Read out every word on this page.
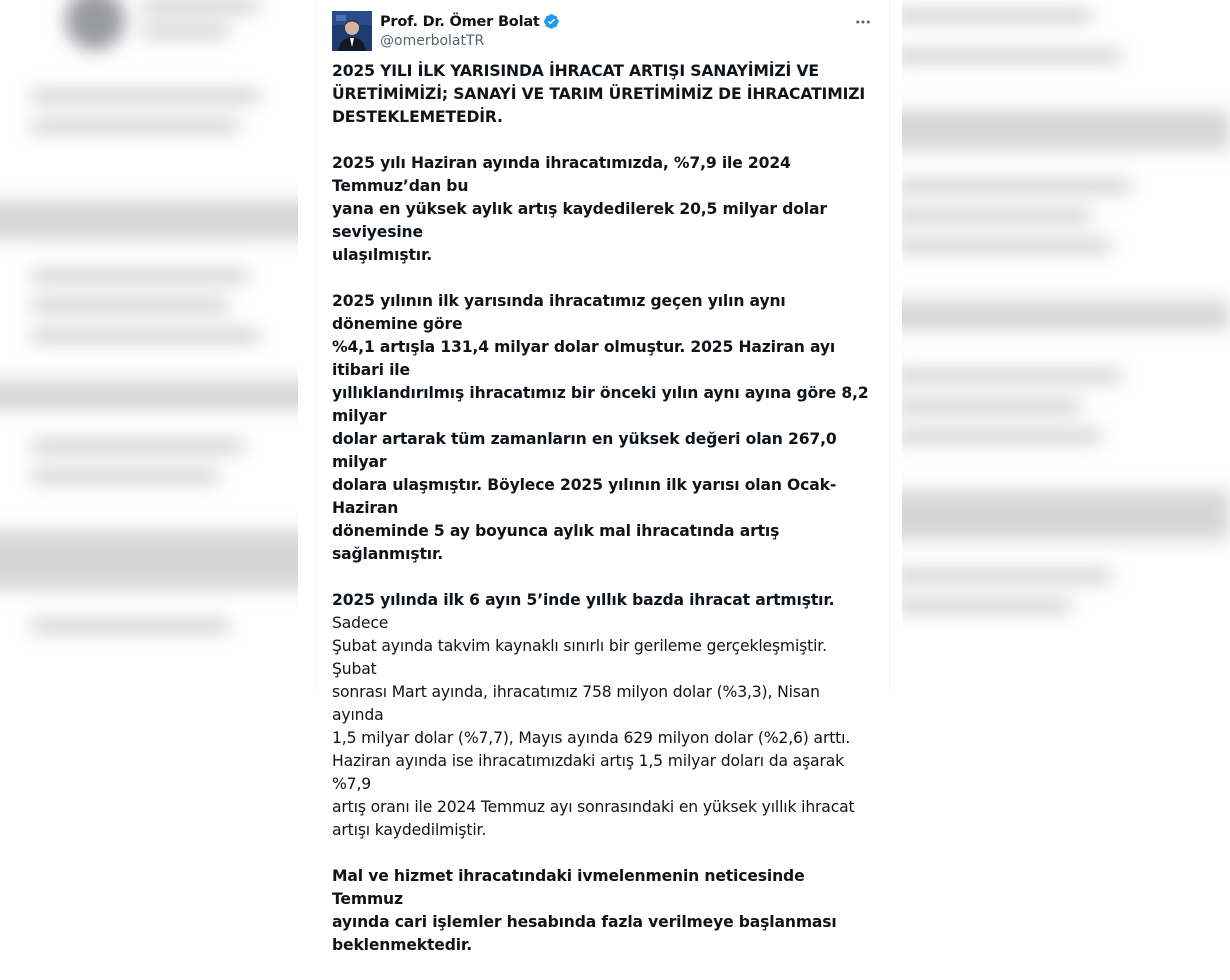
Prof. Dr. Ömer Bolat
@omerbolatTR

2025 YILI İLK YARISINDA İHRACAT ARTIŞI SANAYİMİZİ VE
ÜRETİMİMİZİ; SANAYİ VE TARIM ÜRETİMİMİZ DE İHRACATIMIZI
DESTEKLEMETEDİR.

2025 yılı Haziran ayında ihracatımızda, %7,9 ile 2024 Temmuz’dan bu
yana en yüksek aylık artış kaydedilerek 20,5 milyar dolar seviyesine
ulaşılmıştır.

2025 yılının ilk yarısında ihracatımız geçen yılın aynı dönemine göre
%4,1 artışla 131,4 milyar dolar olmuştur. 2025 Haziran ayı itibari ile
yıllıklandırılmış ihracatımız bir önceki yılın aynı ayına göre 8,2 milyar
dolar artarak tüm zamanların en yüksek değeri olan 267,0 milyar
dolara ulaşmıştır. Böylece 2025 yılının ilk yarısı olan Ocak-Haziran
döneminde 5 ay boyunca aylık mal ihracatında artış sağlanmıştır.

2025 yılında ilk 6 ayın 5’inde yıllık bazda ihracat artmıştır. Sadece
Şubat ayında takvim kaynaklı sınırlı bir gerileme gerçekleşmiştir. Şubat
sonrası Mart ayında, ihracatımız 758 milyon dolar (%3,3), Nisan ayında
1,5 milyar dolar (%7,7), Mayıs ayında 629 milyon dolar (%2,6) arttı.
Haziran ayında ise ihracatımızdaki artış 1,5 milyar doları da aşarak %7,9
artış oranı ile 2024 Temmuz ayı sonrasındaki en yüksek yıllık ihracat
artışı kaydedilmiştir.

Mal ve hizmet ihracatındaki ivmelenmenin neticesinde Temmuz
ayında cari işlemler hesabında fazla verilmeye başlanması
beklenmektedir.
